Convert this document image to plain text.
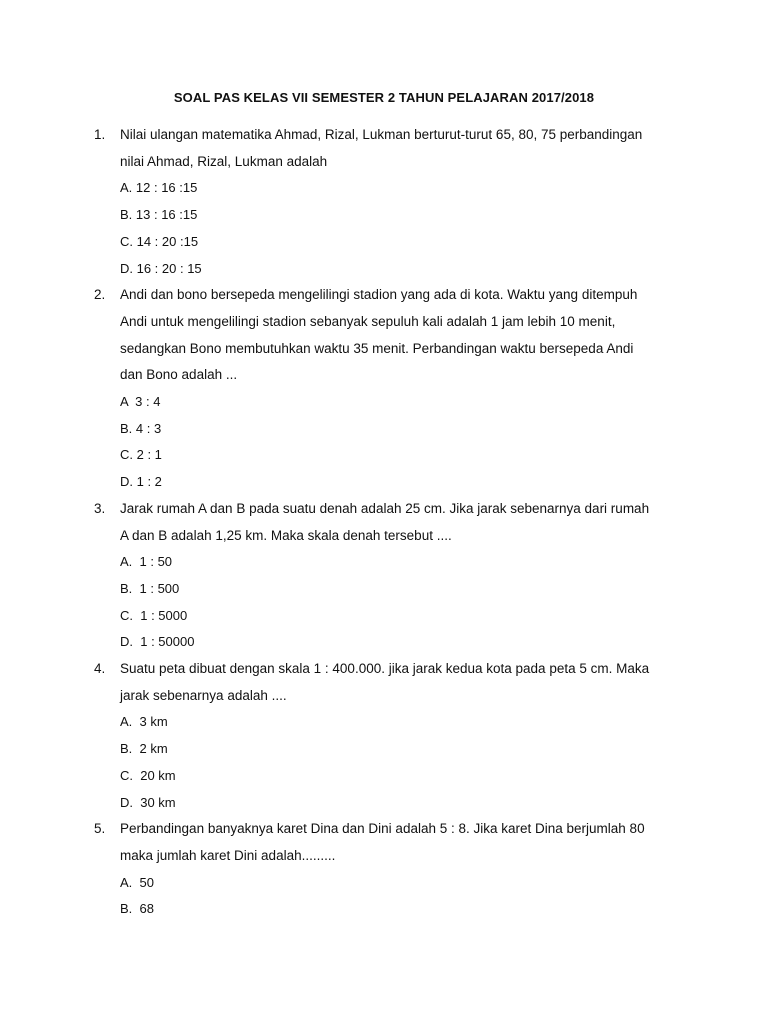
SOAL PAS KELAS VII SEMESTER 2 TAHUN PELAJARAN 2017/2018
1. Nilai ulangan matematika Ahmad, Rizal, Lukman berturut-turut 65, 80, 75 perbandingan
nilai Ahmad, Rizal, Lukman adalah
A. 12 : 16 :15
B. 13 : 16 :15
C. 14 : 20 :15
D. 16 : 20 : 15
2. Andi dan bono bersepeda mengelilingi stadion yang ada di kota. Waktu yang ditempuh
Andi untuk mengelilingi stadion sebanyak sepuluh kali adalah 1 jam lebih 10 menit,
sedangkan Bono membutuhkan waktu 35 menit. Perbandingan waktu bersepeda Andi
dan Bono adalah ...
A  3 : 4
B. 4 : 3
C. 2 : 1
D. 1 : 2
3. Jarak rumah A dan B pada suatu denah adalah 25 cm. Jika jarak sebenarnya dari rumah
A dan B adalah 1,25 km. Maka skala denah tersebut ....
A.  1 : 50
B.  1 : 500
C.  1 : 5000
D.  1 : 50000
4. Suatu peta dibuat dengan skala 1 : 400.000. jika jarak kedua kota pada peta 5 cm. Maka
jarak sebenarnya adalah ....
A.  3 km
B.  2 km
C.  20 km
D.  30 km
5. Perbandingan banyaknya karet Dina dan Dini adalah 5 : 8. Jika karet Dina berjumlah 80
maka jumlah karet Dini adalah.........
A.  50
B.  68
